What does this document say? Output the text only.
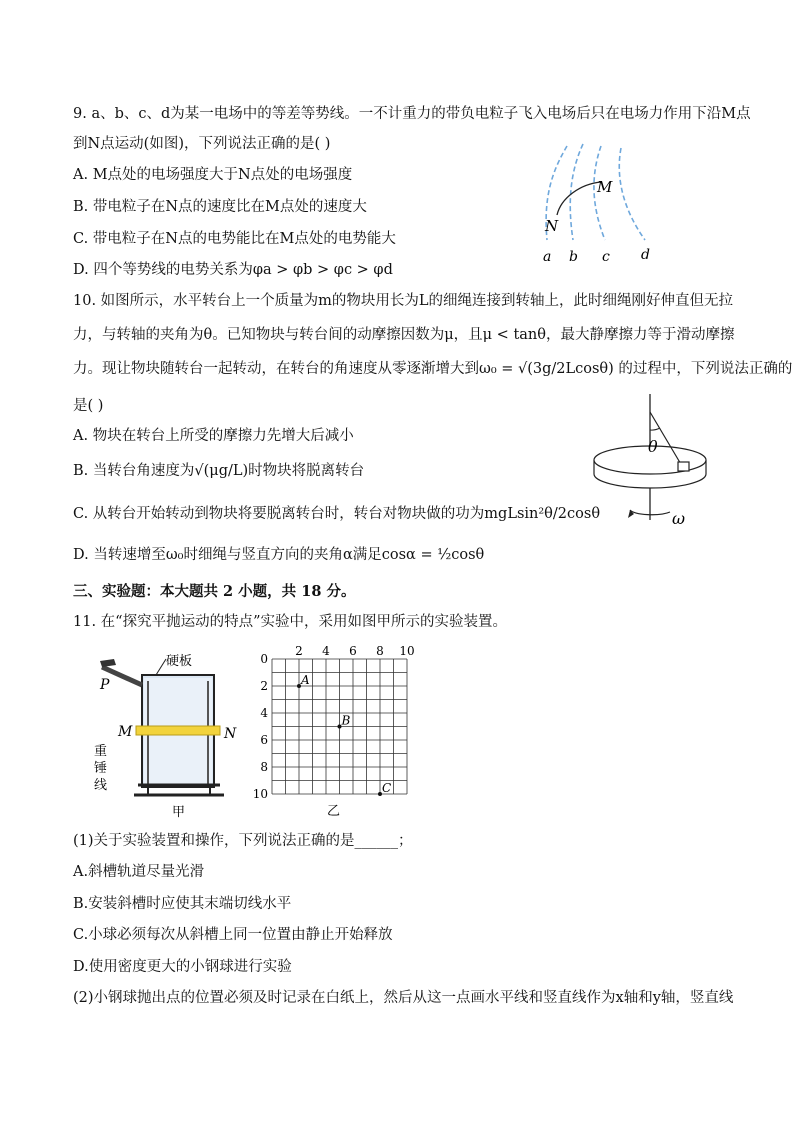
9. a、b、c、d为某一电场中的等差等势线。一不计重力的带负电粒子飞入电场后只在电场力作用下沿M点
到N点运动(如图)，下列说法正确的是( )
A. M点处的电场强度大于N点处的电场强度
B. 带电粒子在N点的速度比在M点处的速度大
C. 带电粒子在N点的电势能比在M点处的电势能大
D. 四个等势线的电势关系为φa > φb > φc > φd
M
N
a b c d
10. 如图所示，水平转台上一个质量为m的物块用长为L的细绳连接到转轴上，此时细绳刚好伸直但无拉
力，与转轴的夹角为θ。已知物块与转台间的动摩擦因数为μ，且μ < tanθ，最大静摩擦力等于滑动摩擦
力。现让物块随转台一起转动，在转台的角速度从零逐渐增大到ω₀ = √(3g/2Lcosθ) 的过程中，下列说法正确的
是( )
A. 物块在转台上所受的摩擦力先增大后减小
B. 当转台角速度为√(μg/L)时物块将脱离转台
C. 从转台开始转动到物块将要脱离转台时，转台对物块做的功为mgLsin²θ/2cosθ
D. 当转速增至ω₀时细绳与竖直方向的夹角α满足cosα = ½cosθ
θ
ω
三、实验题：本大题共 2 小题，共 18 分。
11. 在“探究平抛运动的特点”实验中，采用如图甲所示的实验装置。
硬板
P
M	N
重
锤
线
甲
2 4 6 8 10
0
2
4
6
8
10
A
B
C
乙
(1)关于实验装置和操作，下列说法正确的是______；
A.斜槽轨道尽量光滑
B.安装斜槽时应使其末端切线水平
C.小球必须每次从斜槽上同一位置由静止开始释放
D.使用密度更大的小钢球进行实验
(2)小钢球抛出点的位置必须及时记录在白纸上，然后从这一点画水平线和竖直线作为x轴和y轴，竖直线
